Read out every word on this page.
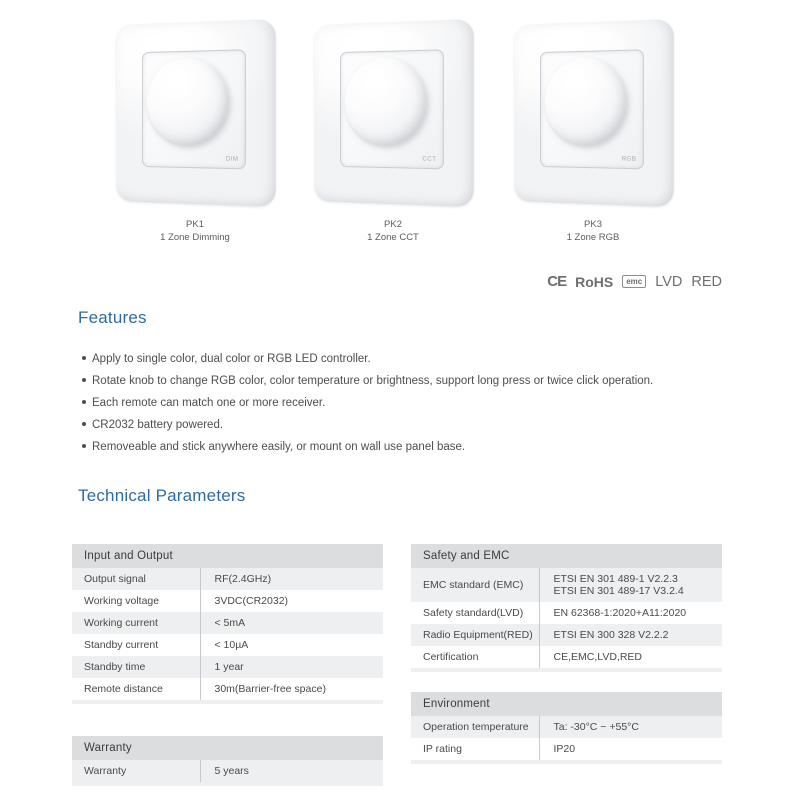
DIM
PK1
1 Zone Dimming
CCT
PK2
1 Zone CCT
RGB
PK3
1 Zone RGB
CE RoHS	emc LVD RED
Features
Apply to single color, dual color or RGB LED controller.
Rotate knob to change RGB color, color temperature or brightness, support long press or twice click operation.
Each remote can match one or more receiver.
CR2032 battery powered.
Removeable and stick anywhere easily, or mount on wall use panel base.
Technical Parameters
Input and Output	
Output signal	RF(2.4GHz)
Working voltage	3VDC(CR2032)
Working current	< 5mA
Standby current	< 10µA
Standby time	1 year
Remote distance	30m(Barrier-free space)

Warranty
Warranty	5 years

Safety and EMC	
EMC standard (EMC)	ETSI EN 301 489-1 V2.2.3
ETSI EN 301 489-17 V3.2.4

Safety standard(LVD)	EN 62368-1:2020+A11:2020
Radio Equipment(RED)	ETSI EN 300 328 V2.2.2
Certification	CE,EMC,LVD,RED

Environment	
Operation temperature	Ta: -30°C ~ +55°C
IP rating	IP20
